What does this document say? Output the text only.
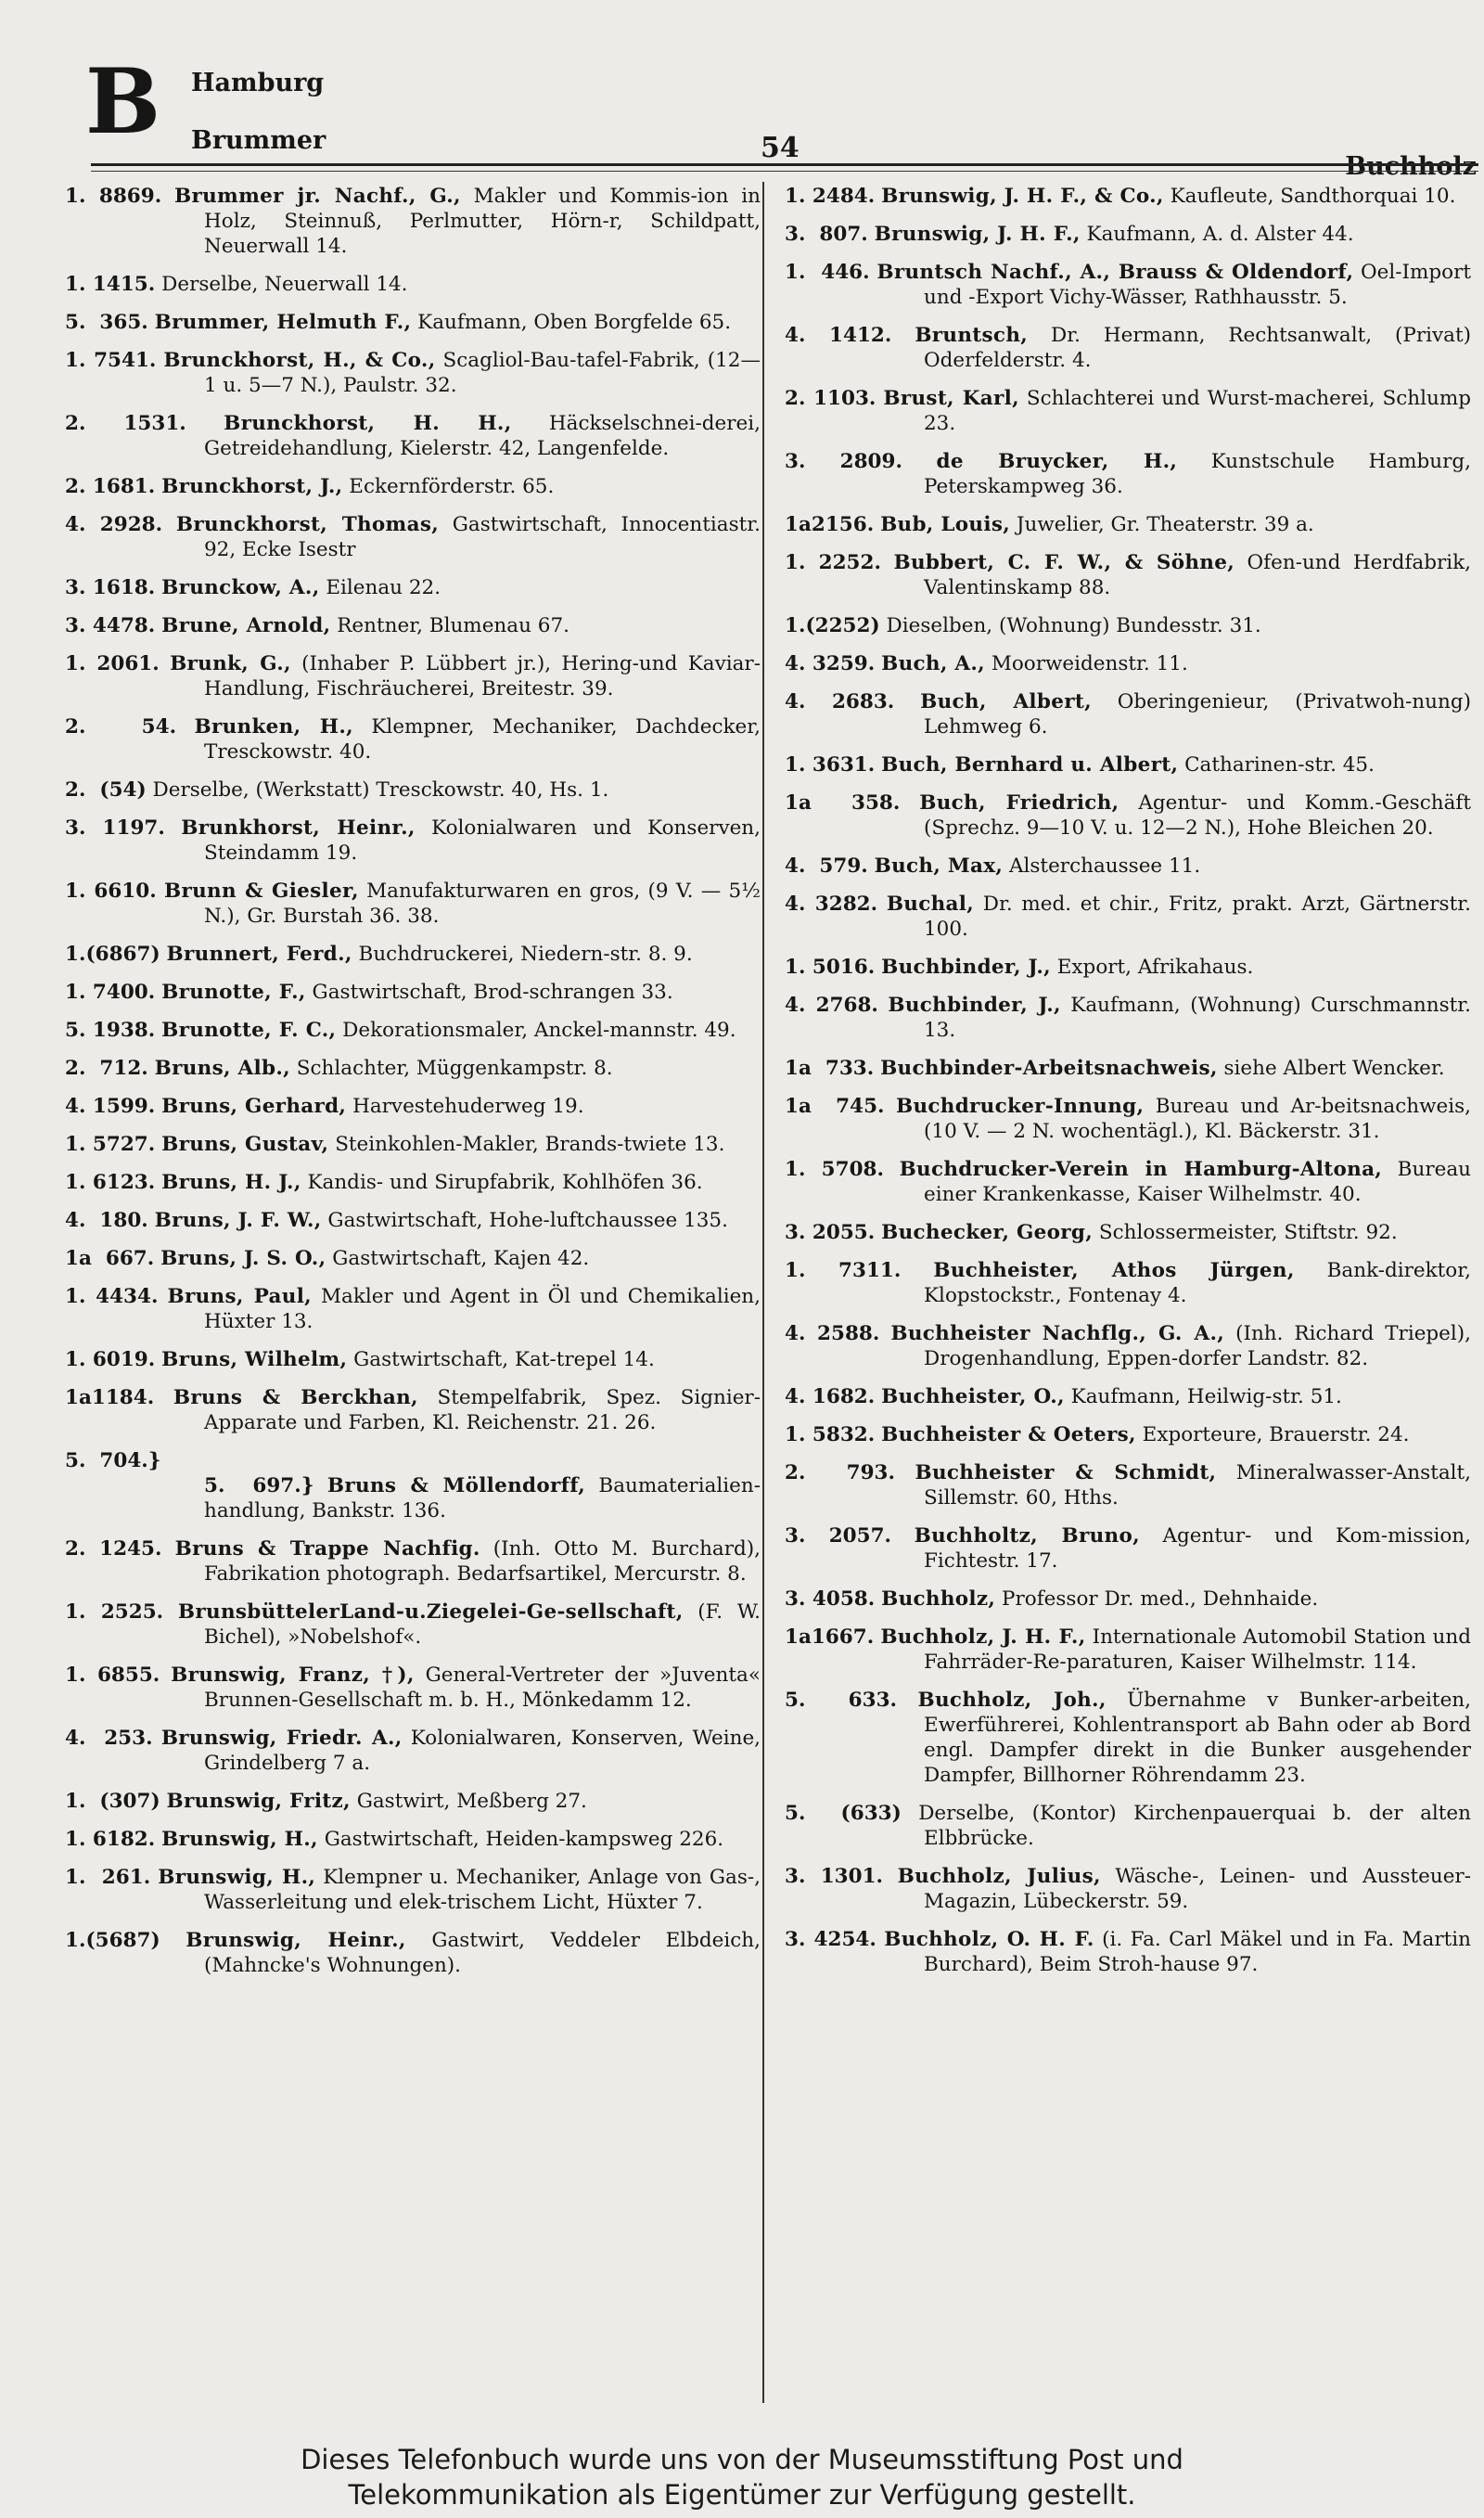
B Hamburg
Brummer	54
Buchholz
1. 8869. Brummer jr. Nachf., G., Makler und Kommis-ion in Holz, Steinnuß, Perlmutter, Hörn-r, Schildpatt, Neuerwall 14.
1. 1415. Derselbe, Neuerwall 14.
5.  365. Brummer, Helmuth F., Kaufmann, Oben Borgfelde 65.
1. 7541. Brunckhorst, H., & Co., Scagliol-Bau-tafel-Fabrik, (12—1 u. 5—7 N.), Paulstr. 32.
2. 1531. Brunckhorst, H. H., Häckselschnei-derei, Getreidehandlung, Kielerstr. 42, Langenfelde.
2. 1681. Brunckhorst, J., Eckernförderstr. 65.
4. 2928. Brunckhorst, Thomas, Gastwirtschaft, Innocentiastr. 92, Ecke Isestr
3. 1618. Brunckow, A., Eilenau 22.
3. 4478. Brune, Arnold, Rentner, Blumenau 67.
1. 2061. Brunk, G., (Inhaber P. Lübbert jr.), Hering-und Kaviar-Handlung, Fischräucherei, Breitestr. 39.
2.   54. Brunken, H., Klempner, Mechaniker, Dachdecker, Tresckowstr. 40.
2.  (54) Derselbe, (Werkstatt) Tresckowstr. 40, Hs. 1.
3. 1197. Brunkhorst, Heinr., Kolonialwaren und Konserven, Steindamm 19.
1. 6610. Brunn & Giesler, Manufakturwaren en gros, (9 V. — 5½ N.), Gr. Burstah 36. 38.
1.(6867) Brunnert, Ferd., Buchdruckerei, Niedern-str. 8. 9.
1. 7400. Brunotte, F., Gastwirtschaft, Brod-schrangen 33.
5. 1938. Brunotte, F. C., Dekorationsmaler, Anckel-mannstr. 49.
2.  712. Bruns, Alb., Schlachter, Müggenkampstr. 8.
4. 1599. Bruns, Gerhard, Harvestehuderweg 19.
1. 5727. Bruns, Gustav, Steinkohlen-Makler, Brands-twiete 13.
1. 6123. Bruns, H. J., Kandis- und Sirupfabrik, Kohlhöfen 36.
4.  180. Bruns, J. F. W., Gastwirtschaft, Hohe-luftchaussee 135.
1a  667. Bruns, J. S. O., Gastwirtschaft, Kajen 42.
1. 4434. Bruns, Paul, Makler und Agent in Öl und Chemikalien, Hüxter 13.
1. 6019. Bruns, Wilhelm, Gastwirtschaft, Kat-trepel 14.
1a1184. Bruns & Berckhan, Stempelfabrik, Spez. Signier-Apparate und Farben, Kl. Reichenstr. 21. 26.
5.  704.}
5.  697.} Bruns & Möllendorff, Baumaterialien-handlung, Bankstr. 136.
2. 1245. Bruns & Trappe Nachfig. (Inh. Otto M. Burchard), Fabrikation photograph. Bedarfsartikel, Mercurstr. 8.
1. 2525. BrunsbüttelerLand-u.Ziegelei-Ge-sellschaft, (F. W. Bichel), »Nobelshof«.
1. 6855. Brunswig, Franz, †), General-Vertreter der »Juventa« Brunnen-Gesellschaft m. b. H., Mönkedamm 12.
4.  253. Brunswig, Friedr. A., Kolonialwaren, Konserven, Weine, Grindelberg 7 a.
1.  (307) Brunswig, Fritz, Gastwirt, Meßberg 27.
1. 6182. Brunswig, H., Gastwirtschaft, Heiden-kampsweg 226.
1.  261. Brunswig, H., Klempner u. Mechaniker, Anlage von Gas-, Wasserleitung und elek-trischem Licht, Hüxter 7.
1.(5687) Brunswig, Heinr., Gastwirt, Veddeler Elbdeich, (Mahncke's Wohnungen).
1. 2484. Brunswig, J. H. F., & Co., Kaufleute, Sandthorquai 10.
3.  807. Brunswig, J. H. F., Kaufmann, A. d. Alster 44.
1.  446. Bruntsch Nachf., A., Brauss & Oldendorf, Oel-Import und -Export Vichy-Wässer, Rathhausstr. 5.
4. 1412. Bruntsch, Dr. Hermann, Rechtsanwalt, (Privat) Oderfelderstr. 4.
2. 1103. Brust, Karl, Schlachterei und Wurst-macherei, Schlump 23.
3. 2809. de Bruycker, H., Kunstschule Hamburg, Peterskampweg 36.
1a2156. Bub, Louis, Juwelier, Gr. Theaterstr. 39 a.
1. 2252. Bubbert, C. F. W., & Söhne, Ofen-und Herdfabrik, Valentinskamp 88.
1.(2252) Dieselben, (Wohnung) Bundesstr. 31.
4. 3259. Buch, A., Moorweidenstr. 11.
4. 2683. Buch, Albert, Oberingenieur, (Privatwoh-nung) Lehmweg 6.
1. 3631. Buch, Bernhard u. Albert, Catharinen-str. 45.
1a  358. Buch, Friedrich, Agentur- und Komm.-Geschäft (Sprechz. 9—10 V. u. 12—2 N.), Hohe Bleichen 20.
4.  579. Buch, Max, Alsterchaussee 11.
4. 3282. Buchal, Dr. med. et chir., Fritz, prakt. Arzt, Gärtnerstr. 100.
1. 5016. Buchbinder, J., Export, Afrikahaus.
4. 2768. Buchbinder, J., Kaufmann, (Wohnung) Curschmannstr. 13.
1a  733. Buchbinder-Arbeitsnachweis, siehe Albert Wencker.
1a  745. Buchdrucker-Innung, Bureau und Ar-beitsnachweis, (10 V. — 2 N. wochentägl.), Kl. Bäckerstr. 31.
1. 5708. Buchdrucker-Verein in Hamburg-Altona, Bureau einer Krankenkasse, Kaiser Wilhelmstr. 40.
3. 2055. Buchecker, Georg, Schlossermeister, Stiftstr. 92.
1. 7311. Buchheister, Athos Jürgen, Bank-direktor, Klopstockstr., Fontenay 4.
4. 2588. Buchheister Nachflg., G. A., (Inh. Richard Triepel), Drogenhandlung, Eppen-dorfer Landstr. 82.
4. 1682. Buchheister, O., Kaufmann, Heilwig-str. 51.
1. 5832. Buchheister & Oeters, Exporteure, Brauerstr. 24.
2.  793. Buchheister & Schmidt, Mineralwasser-Anstalt, Sillemstr. 60, Hths.
3. 2057. Buchholtz, Bruno, Agentur- und Kom-mission, Fichtestr. 17.
3. 4058. Buchholz, Professor Dr. med., Dehnhaide.
1a1667. Buchholz, J. H. F., Internationale Automobil Station und Fahrräder-Re-paraturen, Kaiser Wilhelmstr. 114.
5.  633. Buchholz, Joh., Übernahme v Bunker-arbeiten, Ewerführerei, Kohlentransport ab Bahn oder ab Bord engl. Dampfer direkt in die Bunker ausgehender Dampfer, Billhorner Röhrendamm 23.
5.  (633) Derselbe, (Kontor) Kirchenpauerquai b. der alten Elbbrücke.
3. 1301. Buchholz, Julius, Wäsche-, Leinen- und Aussteuer-Magazin, Lübeckerstr. 59.
3. 4254. Buchholz, O. H. F. (i. Fa. Carl Mäkel und in Fa. Martin Burchard), Beim Stroh-hause 97.
Dieses Telefonbuch wurde uns von der Museumsstiftung Post und
Telekommunikation als Eigentümer zur Verfügung gestellt.
